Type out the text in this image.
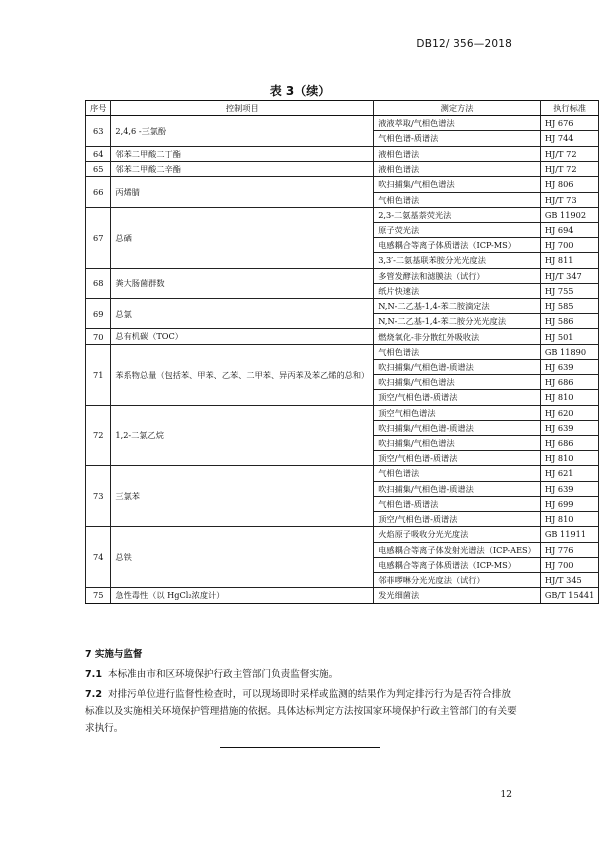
DB12/ 356—2018
表 3（续）
序号	控制项目	测定方法	执行标准
63	2,4,6 -三氯酚	液液萃取/气相色谱法	HJ 676
		气相色谱-质谱法	HJ 744
64	邻苯二甲酸二丁酯	液相色谱法	HJ/T 72
65	邻苯二甲酸二辛酯	液相色谱法	HJ/T 72
66	丙烯腈	吹扫捕集/气相色谱法	HJ 806
		气相色谱法	HJ/T 73
67	总硒	2,3-二氨基萘荧光法	GB 11902
		原子荧光法	HJ 694
		电感耦合等离子体质谱法（ICP-MS）	HJ 700
		3,3′-二氨基联苯胺分光光度法	HJ 811
68	粪大肠菌群数	多管发酵法和滤膜法（试行）	HJ/T 347
		纸片快速法	HJ 755
69	总氯	N,N-二乙基-1,4-苯二胺滴定法	HJ 585
		N,N-二乙基-1,4-苯二胺分光光度法	HJ 586
70	总有机碳（TOC）	燃烧氧化-非分散红外吸收法	HJ 501
71	苯系物总量（包括苯、甲苯、乙苯、二甲苯、异丙苯及苯乙烯的总和）	气相色谱法	GB 11890
		吹扫捕集/气相色谱-质谱法	HJ 639
		吹扫捕集/气相色谱法	HJ 686
		顶空/气相色谱-质谱法	HJ 810
72	1,2-二氯乙烷	顶空气相色谱法	HJ 620
		吹扫捕集/气相色谱-质谱法	HJ 639
		吹扫捕集/气相色谱法	HJ 686
		顶空/气相色谱-质谱法	HJ 810
73	三氯苯	气相色谱法	HJ 621
		吹扫捕集/气相色谱-质谱法	HJ 639
		气相色谱-质谱法	HJ 699
		顶空/气相色谱-质谱法	HJ 810
74	总铁	火焰原子吸收分光光度法	GB 11911
		电感耦合等离子体发射光谱法（ICP-AES）	HJ 776
		电感耦合等离子体质谱法（ICP-MS）	HJ 700
		邻菲啰啉分光光度法（试行）	HJ/T 345
75	急性毒性（以 HgCl₂浓度计）	发光细菌法	GB/T 15441
7 实施与监督
7.1 本标准由市和区环境保护行政主管部门负责监督实施。
7.2 对排污单位进行监督性检查时，可以现场即时采样或监测的结果作为判定排污行为是否符合排放标准以及实施相关环境保护管理措施的依据。具体达标判定方法按国家环境保护行政主管部门的有关要求执行。
12
